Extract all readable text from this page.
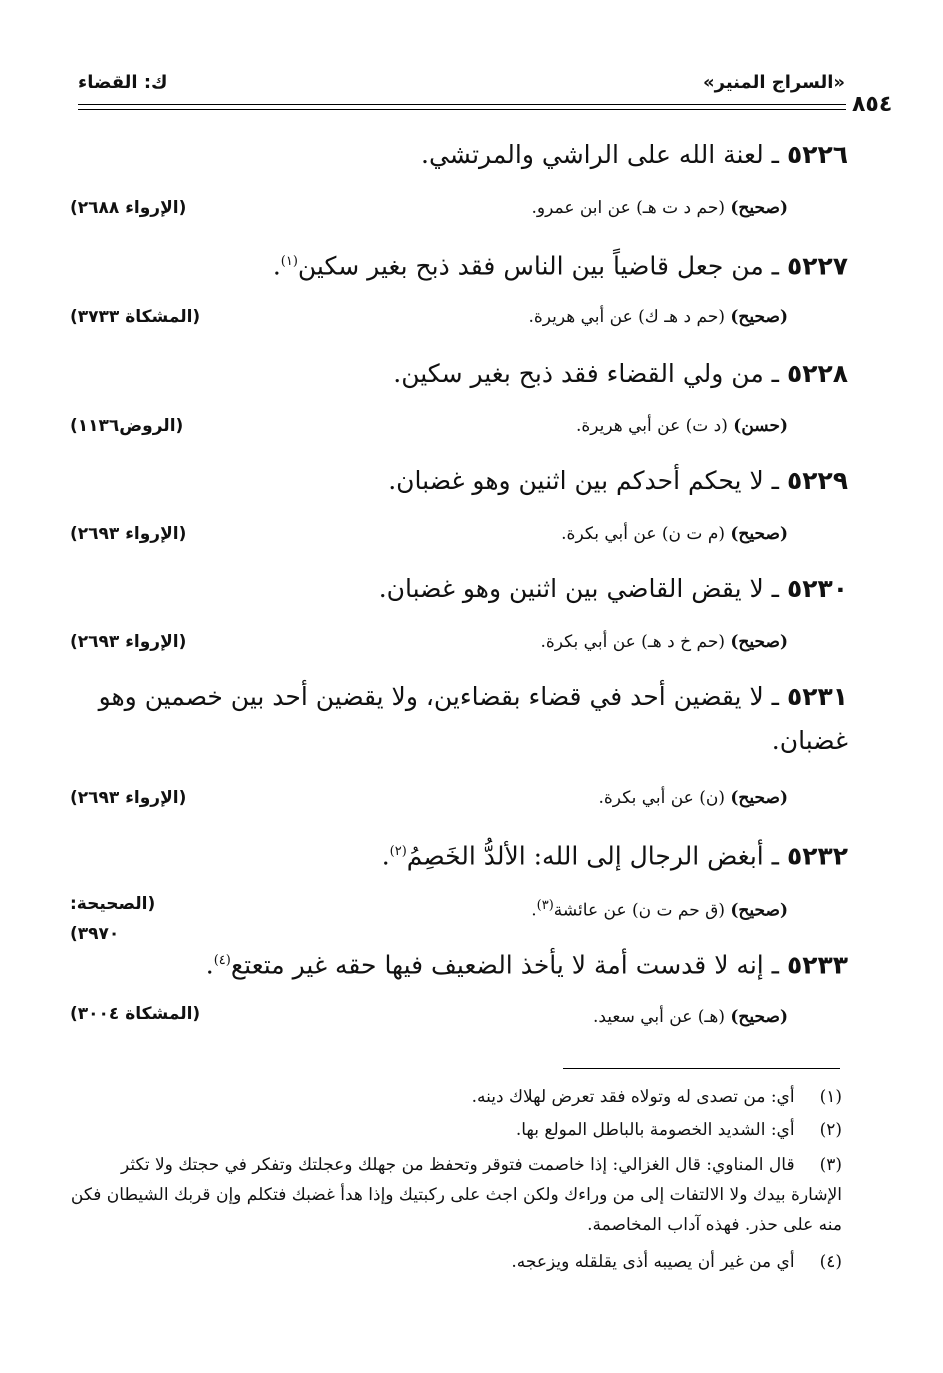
ك: القضاء	«السراج المنير»
٨٥٤
٥٢٢٦ ـ لعنة الله على الراشي والمرتشي.
(صحيح) (حم د ت هـ) عن ابن عمرو.
(الإرواء ٢٦٨٨)
٥٢٢٧ ـ من جعل قاضياً بين الناس فقد ذبح بغير سكين$^{(١)}$.
(صحيح) (حم د هـ ك) عن أبي هريرة.
(المشكاة ٣٧٣٣)
٥٢٢٨ ـ من ولي القضاء فقد ذبح بغير سكين.
(حسن) (د ت) عن أبي هريرة.
(الروض١١٣٦)
٥٢٢٩ ـ لا يحكم أحدكم بين اثنين وهو غضبان.
(صحيح) (م ت ن) عن أبي بكرة.
(الإرواء ٢٦٩٣)
٥٢٣٠ ـ لا يقض القاضي بين اثنين وهو غضبان.
(صحيح) (حم خ د هـ) عن أبي بكرة.
(الإرواء ٢٦٩٣)
٥٢٣١ ـ لا يقضين أحد في قضاء بقضاءين، ولا يقضين أحد بين خصمين وهو غضبان.
(صحيح) (ن) عن أبي بكرة.
(الإرواء ٢٦٩٣)
٥٢٣٢ ـ أبغض الرجال إلى الله: الألدُّ الخَصِمُ$^{(٢)}$.
(صحيح) (ق حم ت ن) عن عائشة$^{(٣)}$.
(الصحيحة: ٣٩٧٠)
٥٢٣٣ ـ إنه لا قدست أمة لا يأخذ الضعيف فيها حقه غير متعتع$^{(٤)}$.
(صحيح) (هـ) عن أبي سعيد.
(المشكاة ٣٠٠٤)
(١) أي: من تصدى له وتولاه فقد تعرض لهلاك دينه.
(٢) أي: الشديد الخصومة بالباطل المولع بها.
(٣) قال المناوي: قال الغزالي: إذا خاصمت فتوقر وتحفظ من جهلك وعجلتك وتفكر في حجتك ولا تكثر الإشارة بيدك ولا الالتفات إلى من وراءك ولكن اجث على ركبتيك وإذا هدأ غضبك فتكلم وإن قربك الشيطان فكن منه على حذر. فهذه آداب المخاصمة.
(٤) أي من غير أن يصيبه أذى يقلقله ويزعجه.
